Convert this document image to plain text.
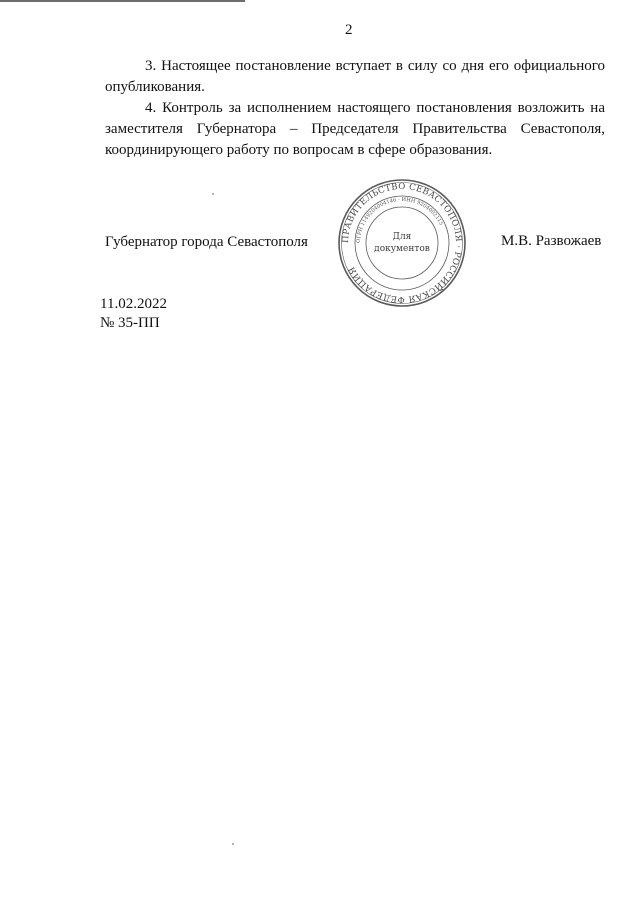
2

3. Настоящее постановление вступает в силу со дня его официального опубликования.

4. Контроль за исполнением настоящего постановления возложить на заместителя Губернатора – Председателя Правительства Севастополя, координирующего работу по вопросам в сфере образования.

Губернатор города Севастополя	ПРАВИТЕЛЬСТВО СЕВАСТОПОЛЯ · РОССИЙСКАЯ ФЕДЕРАЦИЯ
ОГРН 1149204004146 · ИНН 9204002115
Для
документов	М.В. Развожаев
11.02.2022
№ 35-ПП
